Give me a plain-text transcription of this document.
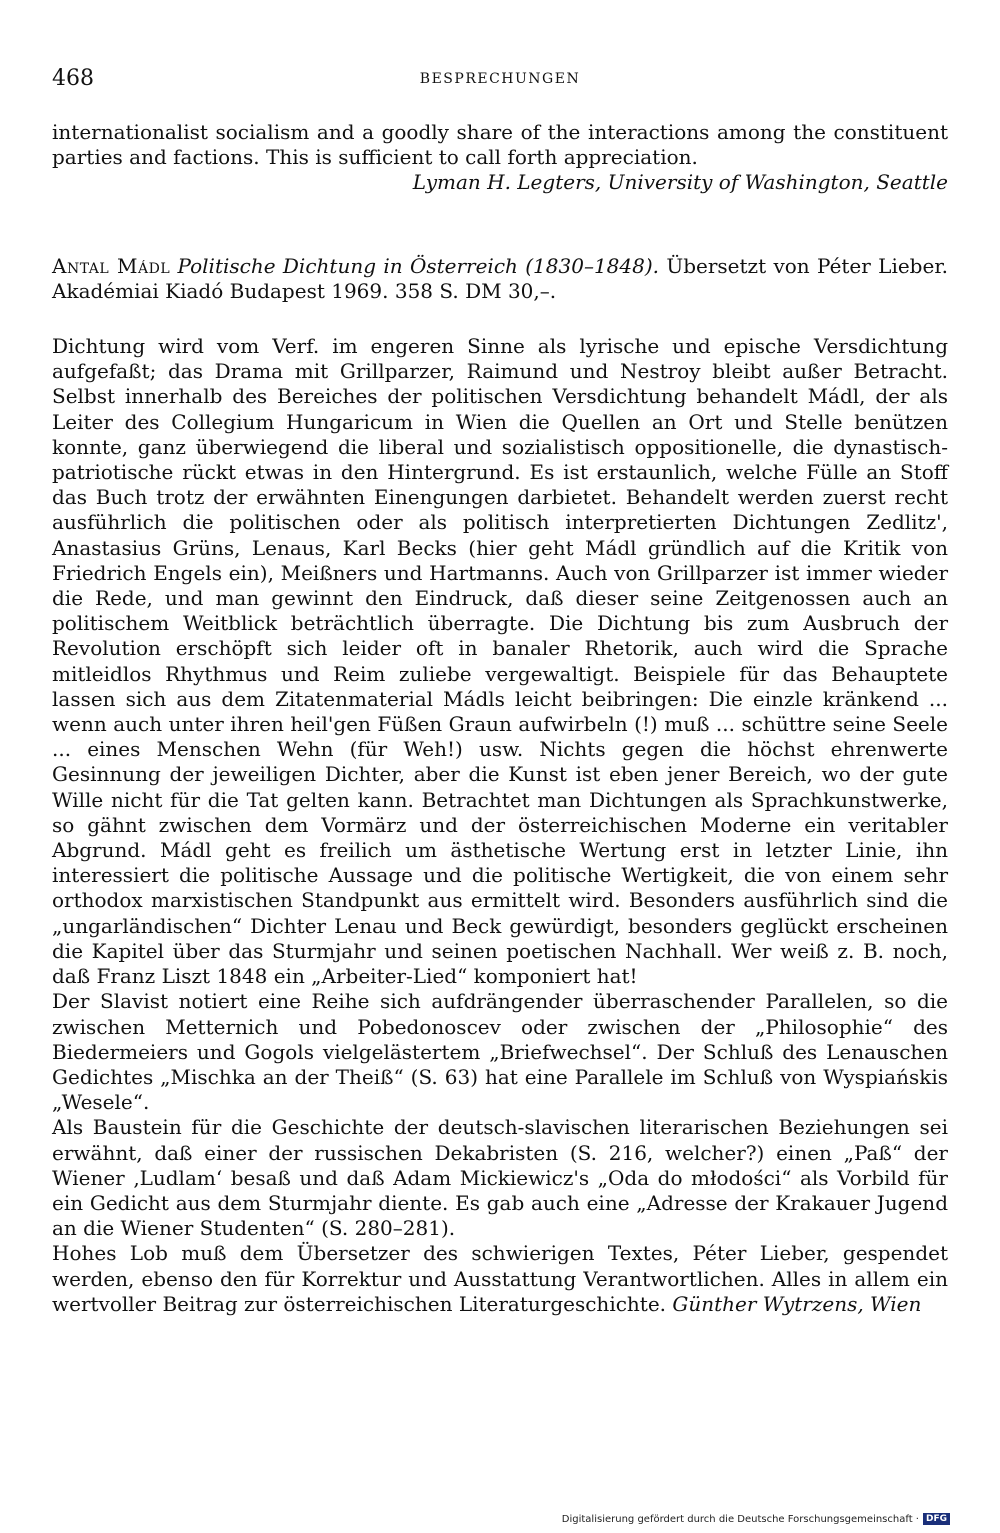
468	BESPRECHUNGEN

internationalist socialism and a goodly share of the interactions among the constituent parties and factions. This is sufficient to call forth appreciation.

Lyman H. Legters, University of Washington, Seattle

Antal Mádl Politische Dichtung in Österreich (1830–1848). Übersetzt von Péter Lieber. Akadémiai Kiadó Budapest 1969. 358 S. DM 30,–.

Dichtung wird vom Verf. im engeren Sinne als lyrische und epische Versdichtung aufgefaßt; das Drama mit Grillparzer, Raimund und Nestroy bleibt außer Betracht. Selbst innerhalb des Bereiches der politischen Versdichtung behandelt Mádl, der als Leiter des Collegium Hungaricum in Wien die Quellen an Ort und Stelle benützen konnte, ganz überwiegend die liberal und sozialistisch oppositionelle, die dynastisch-patriotische rückt etwas in den Hintergrund. Es ist erstaunlich, welche Fülle an Stoff das Buch trotz der erwähnten Einengungen darbietet. Behandelt werden zuerst recht ausführlich die politischen oder als politisch interpretierten Dichtungen Zedlitz', Anastasius Grüns, Lenaus, Karl Becks (hier geht Mádl gründlich auf die Kritik von Friedrich Engels ein), Meißners und Hartmanns. Auch von Grillparzer ist immer wieder die Rede, und man gewinnt den Eindruck, daß dieser seine Zeitgenossen auch an politischem Weitblick beträchtlich überragte. Die Dichtung bis zum Ausbruch der Revolution erschöpft sich leider oft in banaler Rhetorik, auch wird die Sprache mitleidlos Rhythmus und Reim zuliebe vergewaltigt. Beispiele für das Behauptete lassen sich aus dem Zitatenmaterial Mádls leicht beibringen: Die einzle kränkend ... wenn auch unter ihren heil'gen Füßen Graun aufwirbeln (!) muß ... schüttre seine Seele ... eines Menschen Wehn (für Weh!) usw. Nichts gegen die höchst ehrenwerte Gesinnung der jeweiligen Dichter, aber die Kunst ist eben jener Bereich, wo der gute Wille nicht für die Tat gelten kann. Betrachtet man Dichtungen als Sprachkunstwerke, so gähnt zwischen dem Vormärz und der österreichischen Moderne ein veritabler Abgrund. Mádl geht es freilich um ästhetische Wertung erst in letzter Linie, ihn interessiert die politische Aussage und die politische Wertigkeit, die von einem sehr orthodox marxistischen Standpunkt aus ermittelt wird. Besonders ausführlich sind die „ungarländischen“ Dichter Lenau und Beck gewürdigt, besonders geglückt erscheinen die Kapitel über das Sturmjahr und seinen poetischen Nachhall. Wer weiß z. B. noch, daß Franz Liszt 1848 ein „Arbeiter-Lied“ komponiert hat!

Der Slavist notiert eine Reihe sich aufdrängender überraschender Parallelen, so die zwischen Metternich und Pobedonoscev oder zwischen der „Philosophie“ des Biedermeiers und Gogols vielgelästertem „Briefwechsel“. Der Schluß des Lenauschen Gedichtes „Mischka an der Theiß“ (S. 63) hat eine Parallele im Schluß von Wyspiańskis „Wesele“.

Als Baustein für die Geschichte der deutsch-slavischen literarischen Beziehungen sei erwähnt, daß einer der russischen Dekabristen (S. 216, welcher?) einen „Paß“ der Wiener ‚Ludlam‘ besaß und daß Adam Mickiewicz's „Oda do młodości“ als Vorbild für ein Gedicht aus dem Sturmjahr diente. Es gab auch eine „Adresse der Krakauer Jugend an die Wiener Studenten“ (S. 280–281).

Hohes Lob muß dem Übersetzer des schwierigen Textes, Péter Lieber, gespendet werden, ebenso den für Korrektur und Ausstattung Verantwortlichen. Alles in allem ein wertvoller Beitrag zur österreichischen Literaturgeschichte. Günther Wytrzens, Wien

Digitalisierung gefördert durch die Deutsche Forschungsgemeinschaft · DFG
